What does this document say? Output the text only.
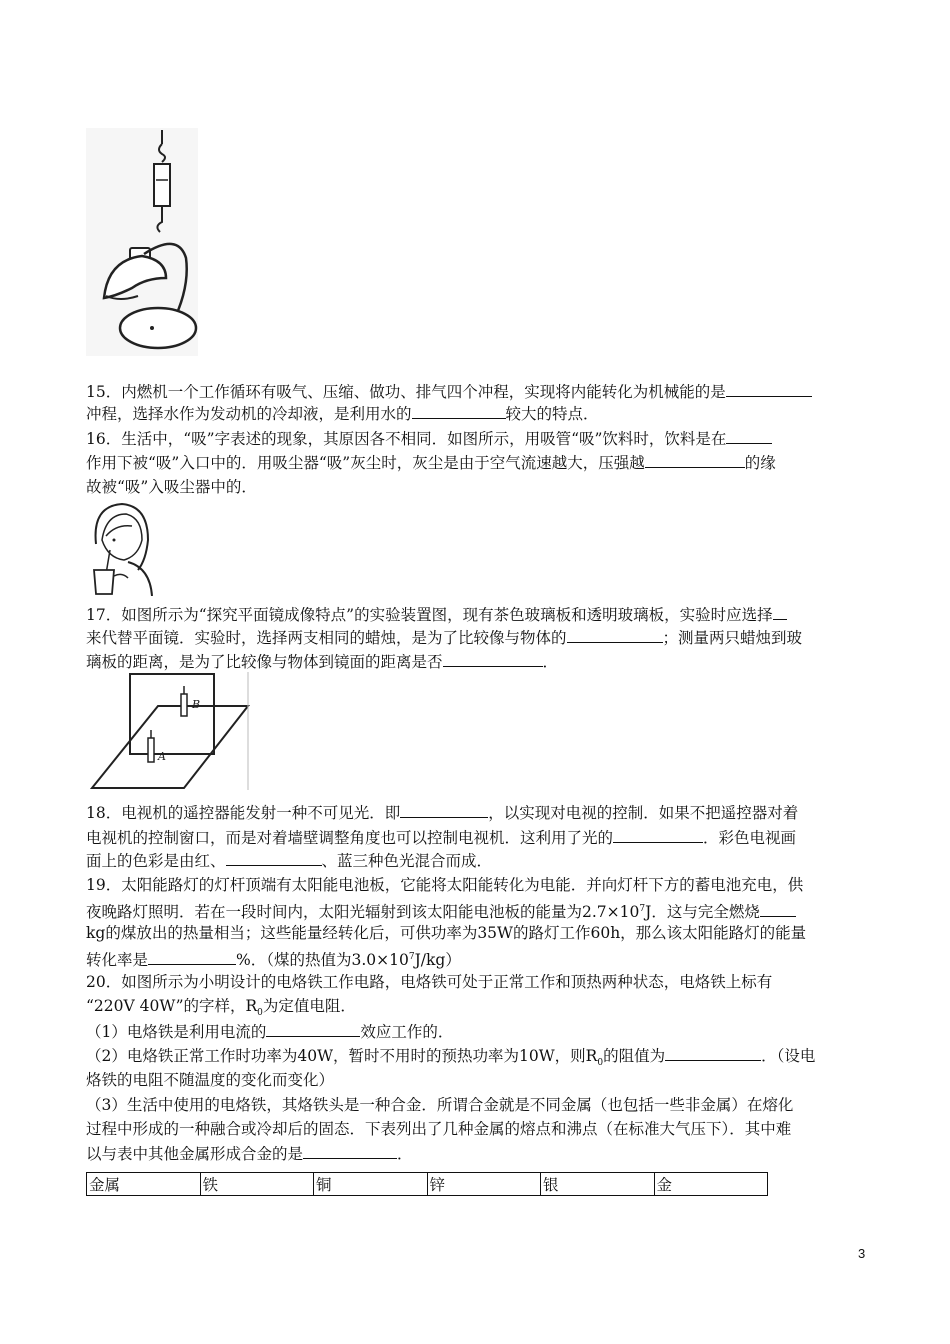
15．内燃机一个工作循环有吸气、压缩、做功、排气四个冲程，实现将内能转化为机械能的是
冲程，选择水作为发动机的冷却液，是利用水的	较大的特点．
16．生活中，“吸”字表述的现象，其原因各不相同．如图所示，用吸管“吸”饮料时，饮料是在
作用下被“吸”入口中的．用吸尘器“吸”灰尘时，灰尘是由于空气流速越大，压强越	的缘
故被“吸”入吸尘器中的．
17．如图所示为“探究平面镜成像特点”的实验装置图，现有茶色玻璃板和透明玻璃板，实验时应选择
来代替平面镜．实验时，选择两支相同的蜡烛，是为了比较像与物体的	；测量两只蜡烛到玻
璃板的距离，是为了比较像与物体到镜面的距离是否	．
B
A
18．电视机的遥控器能发射一种不可见光．即	，以实现对电视的控制．如果不把遥控器对着
电视机的控制窗口，而是对着墙壁调整角度也可以控制电视机．这利用了光的	．彩色电视画
面上的色彩是由红、	、蓝三种色光混合而成．
19．太阳能路灯的灯杆顶端有太阳能电池板，它能将太阳能转化为电能．并向灯杆下方的蓄电池充电，供
夜晚路灯照明．若在一段时间内，太阳光辐射到该太阳能电池板的能量为$2.7\times 10^7J$．这与完全燃烧
kg的煤放出的热量相当；这些能量经转化后，可供功率为35W的路灯工作60h，那么该太阳能路灯的能量
转化率是	%．（煤的热值为$3.0\times 10^7J/kg$）
20．如图所示为小明设计的电烙铁工作电路，电烙铁可处于正常工作和顶热两种状态，电烙铁上标有
“220V 40W”的字样，$R_0$为定值电阻．
（1）电烙铁是利用电流的	效应工作的．
（2）电烙铁正常工作时功率为40W，暂时不用时的预热功率为10W，则$R_0$的阻值为	．（设电
烙铁的电阻不随温度的变化而变化）
（3）生活中使用的电烙铁，其烙铁头是一种合金．所谓合金就是不同金属（也包括一些非金属）在熔化
过程中形成的一种融合或冷却后的固态．下表列出了几种金属的熔点和沸点（在标准大气压下）．其中难
以与表中其他金属形成合金的是	．
金属	铁	铜	锌	银	金
3
